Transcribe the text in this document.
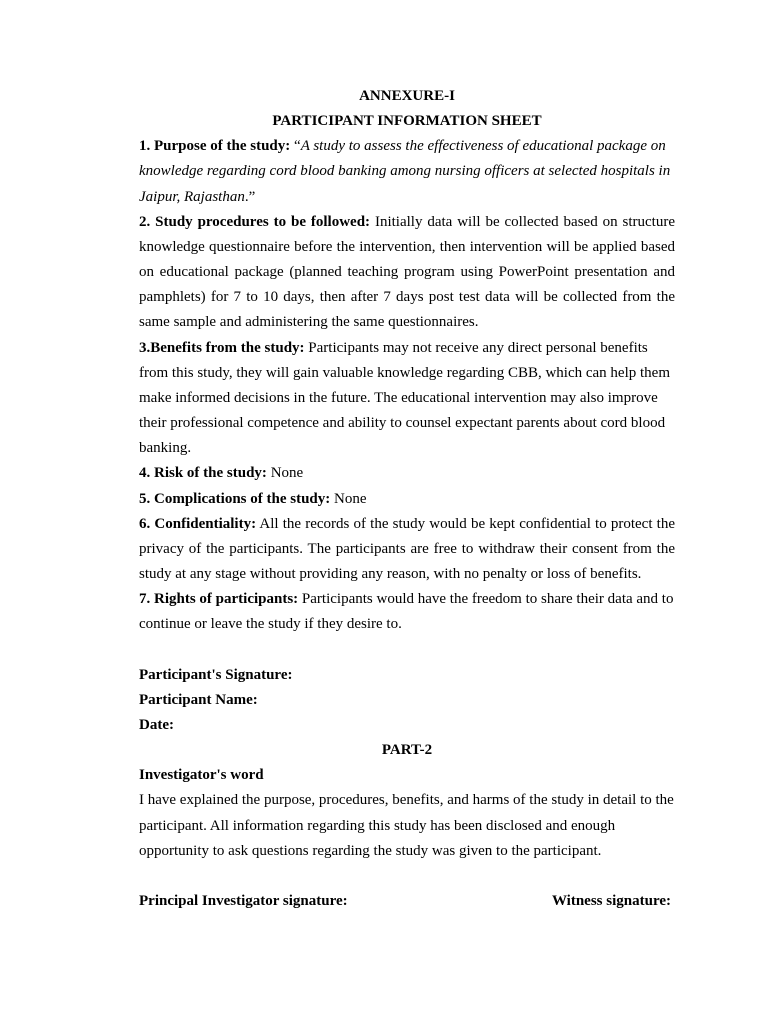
ANNEXURE-I

PARTICIPANT INFORMATION SHEET

1. Purpose of the study: “A study to assess the effectiveness of educational package on knowledge regarding cord blood banking among nursing officers at selected hospitals in Jaipur, Rajasthan.”

2. Study procedures to be followed: Initially data will be collected based on structure knowledge questionnaire before the intervention, then intervention will be applied based on educational package (planned teaching program using PowerPoint presentation and pamphlets) for 7 to 10 days, then after 7 days post test data will be collected from the same sample and administering the same questionnaires.

3.Benefits from the study: Participants may not receive any direct personal benefits from this study, they will gain valuable knowledge regarding CBB, which can help them make informed decisions in the future. The educational intervention may also improve their professional competence and ability to counsel expectant parents about cord blood banking.

4. Risk of the study: None

5. Complications of the study: None

6. Confidentiality: All the records of the study would be kept confidential to protect the privacy of the participants. The participants are free to withdraw their consent from the study at any stage without providing any reason, with no penalty or loss of benefits.

7. Rights of participants: Participants would have the freedom to share their data and to continue or leave the study if they desire to.

Participant's Signature:

Participant Name:

Date:

PART-2

Investigator's word

I have explained the purpose, procedures, benefits, and harms of the study in detail to the participant. All information regarding this study has been disclosed and enough opportunity to ask questions regarding the study was given to the participant.

Principal Investigator signature:	Witness signature:
